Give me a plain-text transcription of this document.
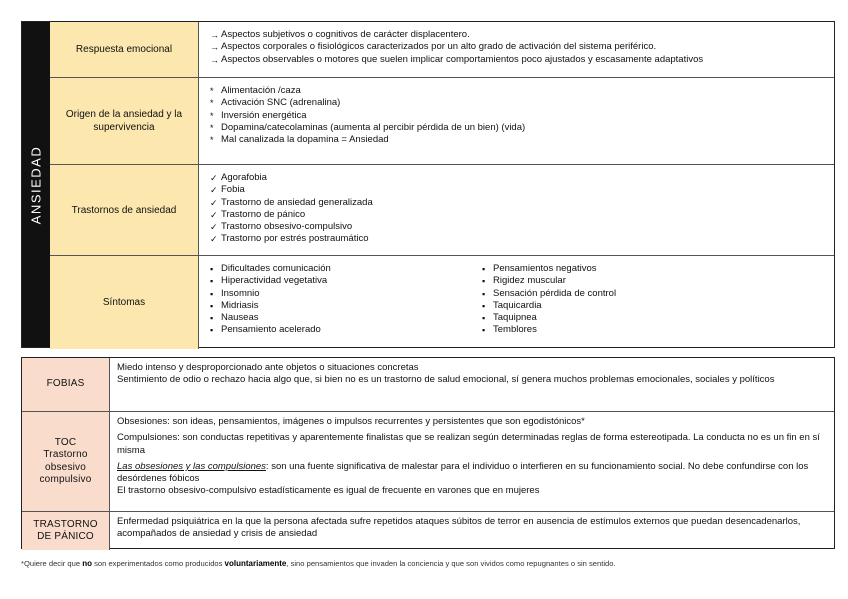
ANSIEDAD
Respuesta emocional
→ Aspectos subjetivos o cognitivos de carácter displacentero.
→ Aspectos corporales o fisiológicos caracterizados por un alto grado de activación del sistema periférico.
→ Aspectos observables o motores que suelen implicar comportamientos poco ajustados y escasamente adaptativos
Origen de la ansiedad y la supervivencia
* Alimentación /caza
* Activación SNC (adrenalina)
* Inversión energética
* Dopamina/catecolaminas (aumenta al percibir pérdida de un bien) (vida)
* Mal canalizada la dopamina = Ansiedad
Trastornos de ansiedad
✓ Agorafobia
✓ Fobia
✓ Trastorno de ansiedad generalizada
✓ Trastorno de pánico
✓ Trastorno obsesivo-compulsivo
✓ Trastorno por estrés postraumático
Síntomas
▪ Dificultades comunicación
▪ Hiperactividad vegetativa
▪ Insomnio
▪ Midriasis
▪ Nauseas
▪ Pensamiento acelerado
▪ Pensamientos negativos
▪ Rigidez muscular
▪ Sensación pérdida de control
▪ Taquicardia
▪ Taquipnea
▪ Temblores
FOBIAS
Miedo intenso y desproporcionado ante objetos o situaciones concretas
Sentimiento de odio o rechazo hacia algo que, si bien no es un trastorno de salud emocional, sí genera muchos problemas emocionales, sociales y políticos
TOC
Trastorno
obsesivo
compulsivo
Obsesiones: son ideas, pensamientos, imágenes o impulsos recurrentes y persistentes que son egodistónicos*
Compulsiones: son conductas repetitivas y aparentemente finalistas que se realizan según determinadas reglas de forma estereotipada. La conducta no es un fin en sí misma
Las obsesiones y las compulsiones: son una fuente significativa de malestar para el individuo o interfieren en su funcionamiento social. No debe confundirse con los desórdenes fóbicos
El trastorno obsesivo-compulsivo estadísticamente es igual de frecuente en varones que en mujeres
TRASTORNO
DE PÁNICO
Enfermedad psiquiátrica en la que la persona afectada sufre repetidos ataques súbitos de terror en ausencia de estímulos externos que puedan desencadenarlos, acompañados de ansiedad y crisis de ansiedad
*Quiere decir que no son experimentados como producidos voluntariamente, sino pensamientos que invaden la conciencia y que son vividos como repugnantes o sin sentido.
